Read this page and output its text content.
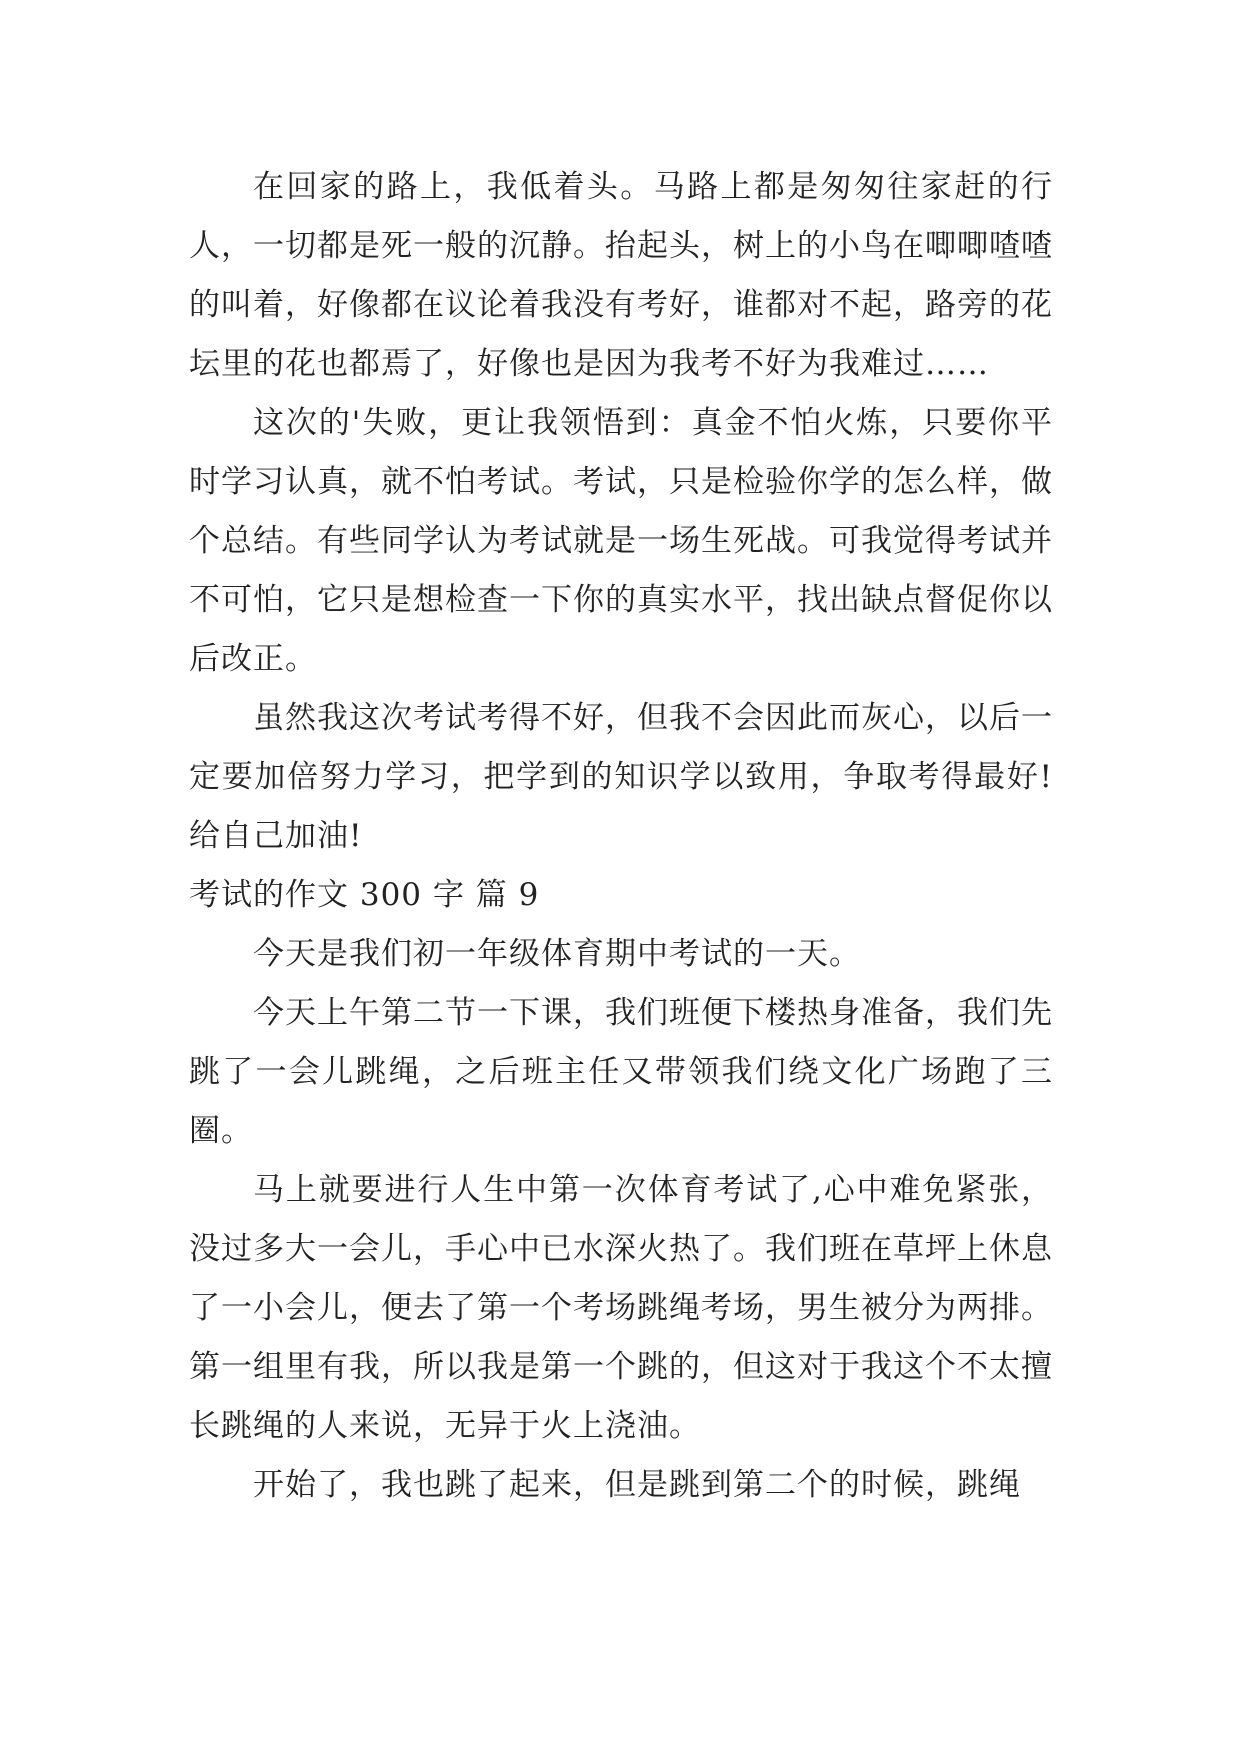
在回家的路上，我低着头。马路上都是匆匆往家赶的行人，一切都是死一般的沉静。抬起头，树上的小鸟在唧唧喳喳的叫着，好像都在议论着我没有考好，谁都对不起，路旁的花坛里的花也都焉了，好像也是因为我考不好为我难过……

这次的'失败，更让我领悟到：真金不怕火炼，只要你平时学习认真，就不怕考试。考试，只是检验你学的怎么样，做个总结。有些同学认为考试就是一场生死战。可我觉得考试并不可怕，它只是想检查一下你的真实水平，找出缺点督促你以后改正。

虽然我这次考试考得不好，但我不会因此而灰心，以后一定要加倍努力学习，把学到的知识学以致用，争取考得最好!给自己加油!

考试的作文 300 字 篇 9

今天是我们初一年级体育期中考试的一天。

今天上午第二节一下课，我们班便下楼热身准备，我们先跳了一会儿跳绳，之后班主任又带领我们绕文化广场跑了三圈。

马上就要进行人生中第一次体育考试了,心中难免紧张，没过多大一会儿，手心中已水深火热了。我们班在草坪上休息了一小会儿，便去了第一个考场跳绳考场，男生被分为两排。第一组里有我，所以我是第一个跳的，但这对于我这个不太擅长跳绳的人来说，无异于火上浇油。

开始了，我也跳了起来，但是跳到第二个的时候，跳绳
